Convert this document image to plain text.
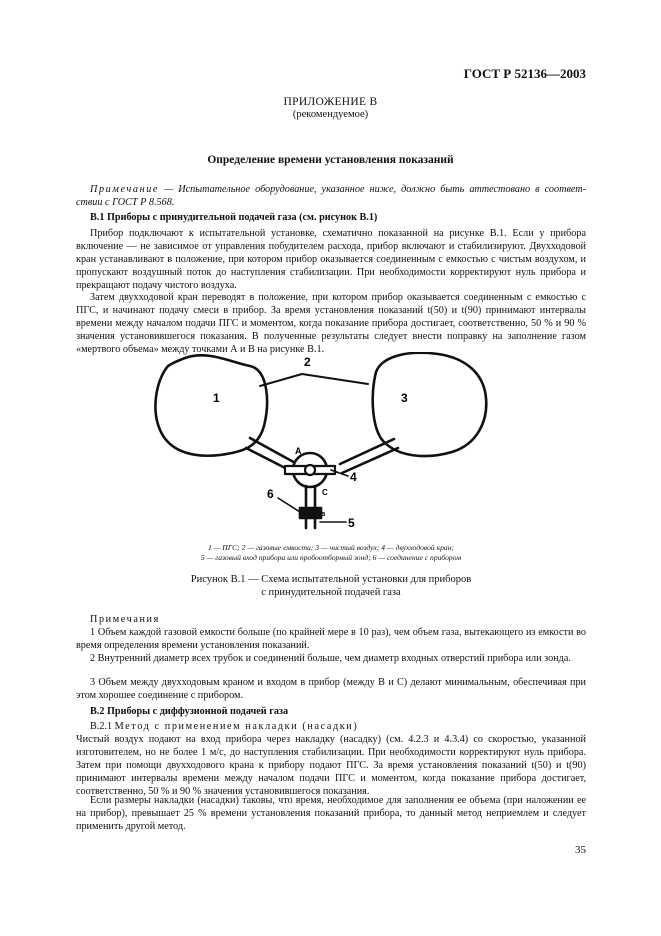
ГОСТ Р 52136—2003
ПРИЛОЖЕНИЕ В
(рекомендуемое)
Определение времени установления показаний
Примечание — Испытательное оборудование, указанное ниже, должно быть аттестовано в соответ- ствии с ГОСТ Р 8.568.
В.1 Приборы с принудительной подачей газа (см. рисунок В.1)
Прибор подключают к испытательной установке, схематично показанной на рисунке В.1. Если у прибора включение — не зависимое от управления побудителем расхода, прибор включают и стабилизируют. Двухходовой кран устанавливают в положение, при котором прибор оказывается соединенным с емкостью с чистым воздухом, и пропускают воздушный поток до наступления стабилизации. При необходимости корректируют нуль прибора и прекращают подачу чистого воздуха.
Затем двухходовой кран переводят в положение, при котором прибор оказывается соединенным с емкостью с ПГС, и начинают подачу смеси в прибор. За время установления показаний t(50) и t(90) принимают интервалы времени между началом подачи ПГС и моментом, когда показание прибора достигает, соответственно, 50 % и 90 % значения установившегося показания. В полученные результаты следует внести поправку на заполнение газом «мертвого объема» между точками А и В на рисунке В.1.
1
2
3
4
5
6
A
C
в
1 — ПГС; 2 — газовые емкости; 3 — чистый воздух; 4 — двухходовой кран;
5 — газовый вход прибора или пробоотборный зонд; 6 — соединение с прибором
Рисунок В.1 — Схема испытательной установки для приборов
с принудительной подачей газа
Примечания
1 Объем каждой газовой емкости больше (по крайней мере в 10 раз), чем объем газа, вытекающего из емкости во время определения времени установления показаний.
2 Внутренний диаметр всех трубок и соединений больше, чем диаметр входных отверстий прибора или зонда.
3 Объем между двухходовым краном и входом в прибор (между В и С) делают минимальным, обеспечивая при этом хорошее соединение с прибором.
В.2 Приборы с диффузионной подачей газа
В.2.1 Метод с применением накладки (насадки)
Чистый воздух подают на вход прибора через накладку (насадку) (см. 4.2.3 и 4.3.4) со скоростью, указанной изготовителем, но не более 1 м/с, до наступления стабилизации. При необходимости корректируют нуль прибора. Затем при помощи двухходового крана к прибору подают ПГС. За время установления показаний t(50) и t(90) принимают интервалы времени между началом подачи ПГС и моментом, когда показание прибора достигает, соответственно, 50 % и 90 % значения установившегося показания.
Если размеры накладки (насадки) таковы, что время, необходимое для заполнения ее объема (при наложении ее на прибор), превышает 25 % времени установления показаний прибора, то данный метод неприемлем и следует применить другой метод.
35
